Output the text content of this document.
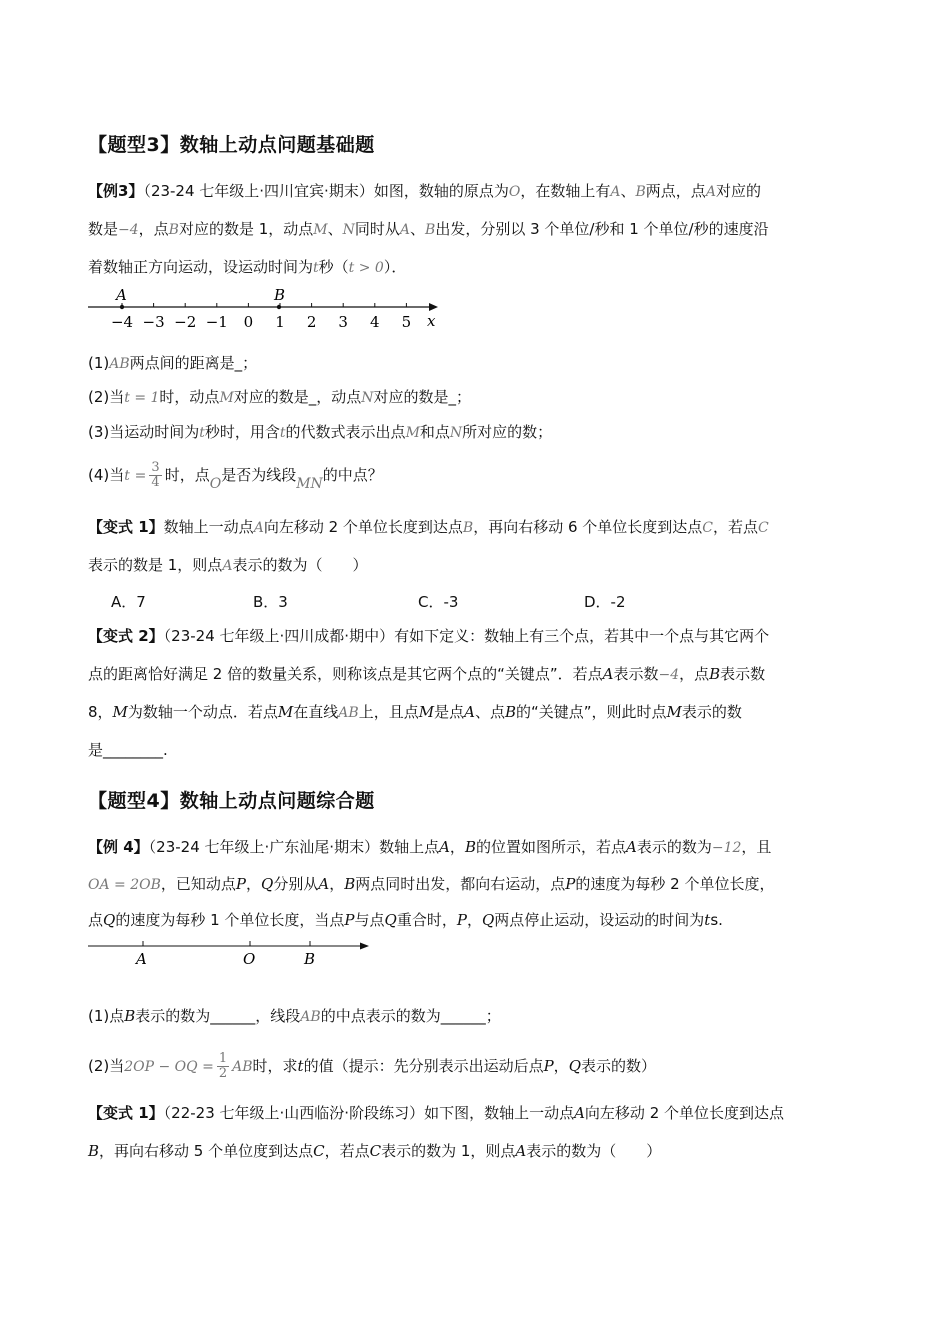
【题型3】数轴上动点问题基础题
【例3】（23-24 七年级上·四川宜宾·期末）如图，数轴的原点为O，在数轴上有A、B两点，点A对应的
数是−4，点B对应的数是 1，动点M、N同时从A、B出发，分别以 3 个单位/秒和 1 个单位/秒的速度沿
着数轴正方向运动，设运动时间为t秒（t > 0）．
−4 −3 −2 −1 0 1 2 3 4 5
A	B
x
(1)AB两点间的距离是_；
(2)当t = 1时，动点M对应的数是_，动点N对应的数是_；
(3)当运动时间为t秒时，用含t的代数式表示出点M和点N所对应的数；
(4)当$t = \frac{3}{4}$ 时，点O是否为线段MN的中点？
【变式 1】数轴上一动点A向左移动 2 个单位长度到达点B，再向右移动 6 个单位长度到达点C，若点C
表示的数是 1，则点A表示的数为（　　）
A．7	B．3	C．-3	D．-2
【变式 2】（23-24 七年级上·四川成都·期中）有如下定义：数轴上有三个点，若其中一个点与其它两个
点的距离恰好满足 2 倍的数量关系，则称该点是其它两个点的“关键点”．若点A表示数−4，点B表示数
8，M为数轴一个动点．若点M在直线AB上，且点M是点A、点B的“关键点”，则此时点M表示的数
是________.
【题型4】数轴上动点问题综合题
【例 4】（23-24 七年级上·广东汕尾·期末）数轴上点A，B的位置如图所示，若点A表示的数为−12，且
OA = 2OB，已知动点P，Q分别从A，B两点同时出发，都向右运动，点P的速度为每秒 2 个单位长度，
点Q的速度为每秒 1 个单位长度，当点P与点Q重合时，P，Q两点停止运动，设运动的时间为ts.
A	O	B
(1)点B表示的数为______，线段AB的中点表示的数为______；
(2)当2OP − OQ = $\frac{1}{2}$ AB时，求t的值（提示：先分别表示出运动后点P，Q表示的数）
【变式 1】（22-23 七年级上·山西临汾·阶段练习）如下图，数轴上一动点A向左移动 2 个单位长度到达点
B，再向右移动 5 个单位度到达点C，若点C表示的数为 1，则点A表示的数为（　　）
